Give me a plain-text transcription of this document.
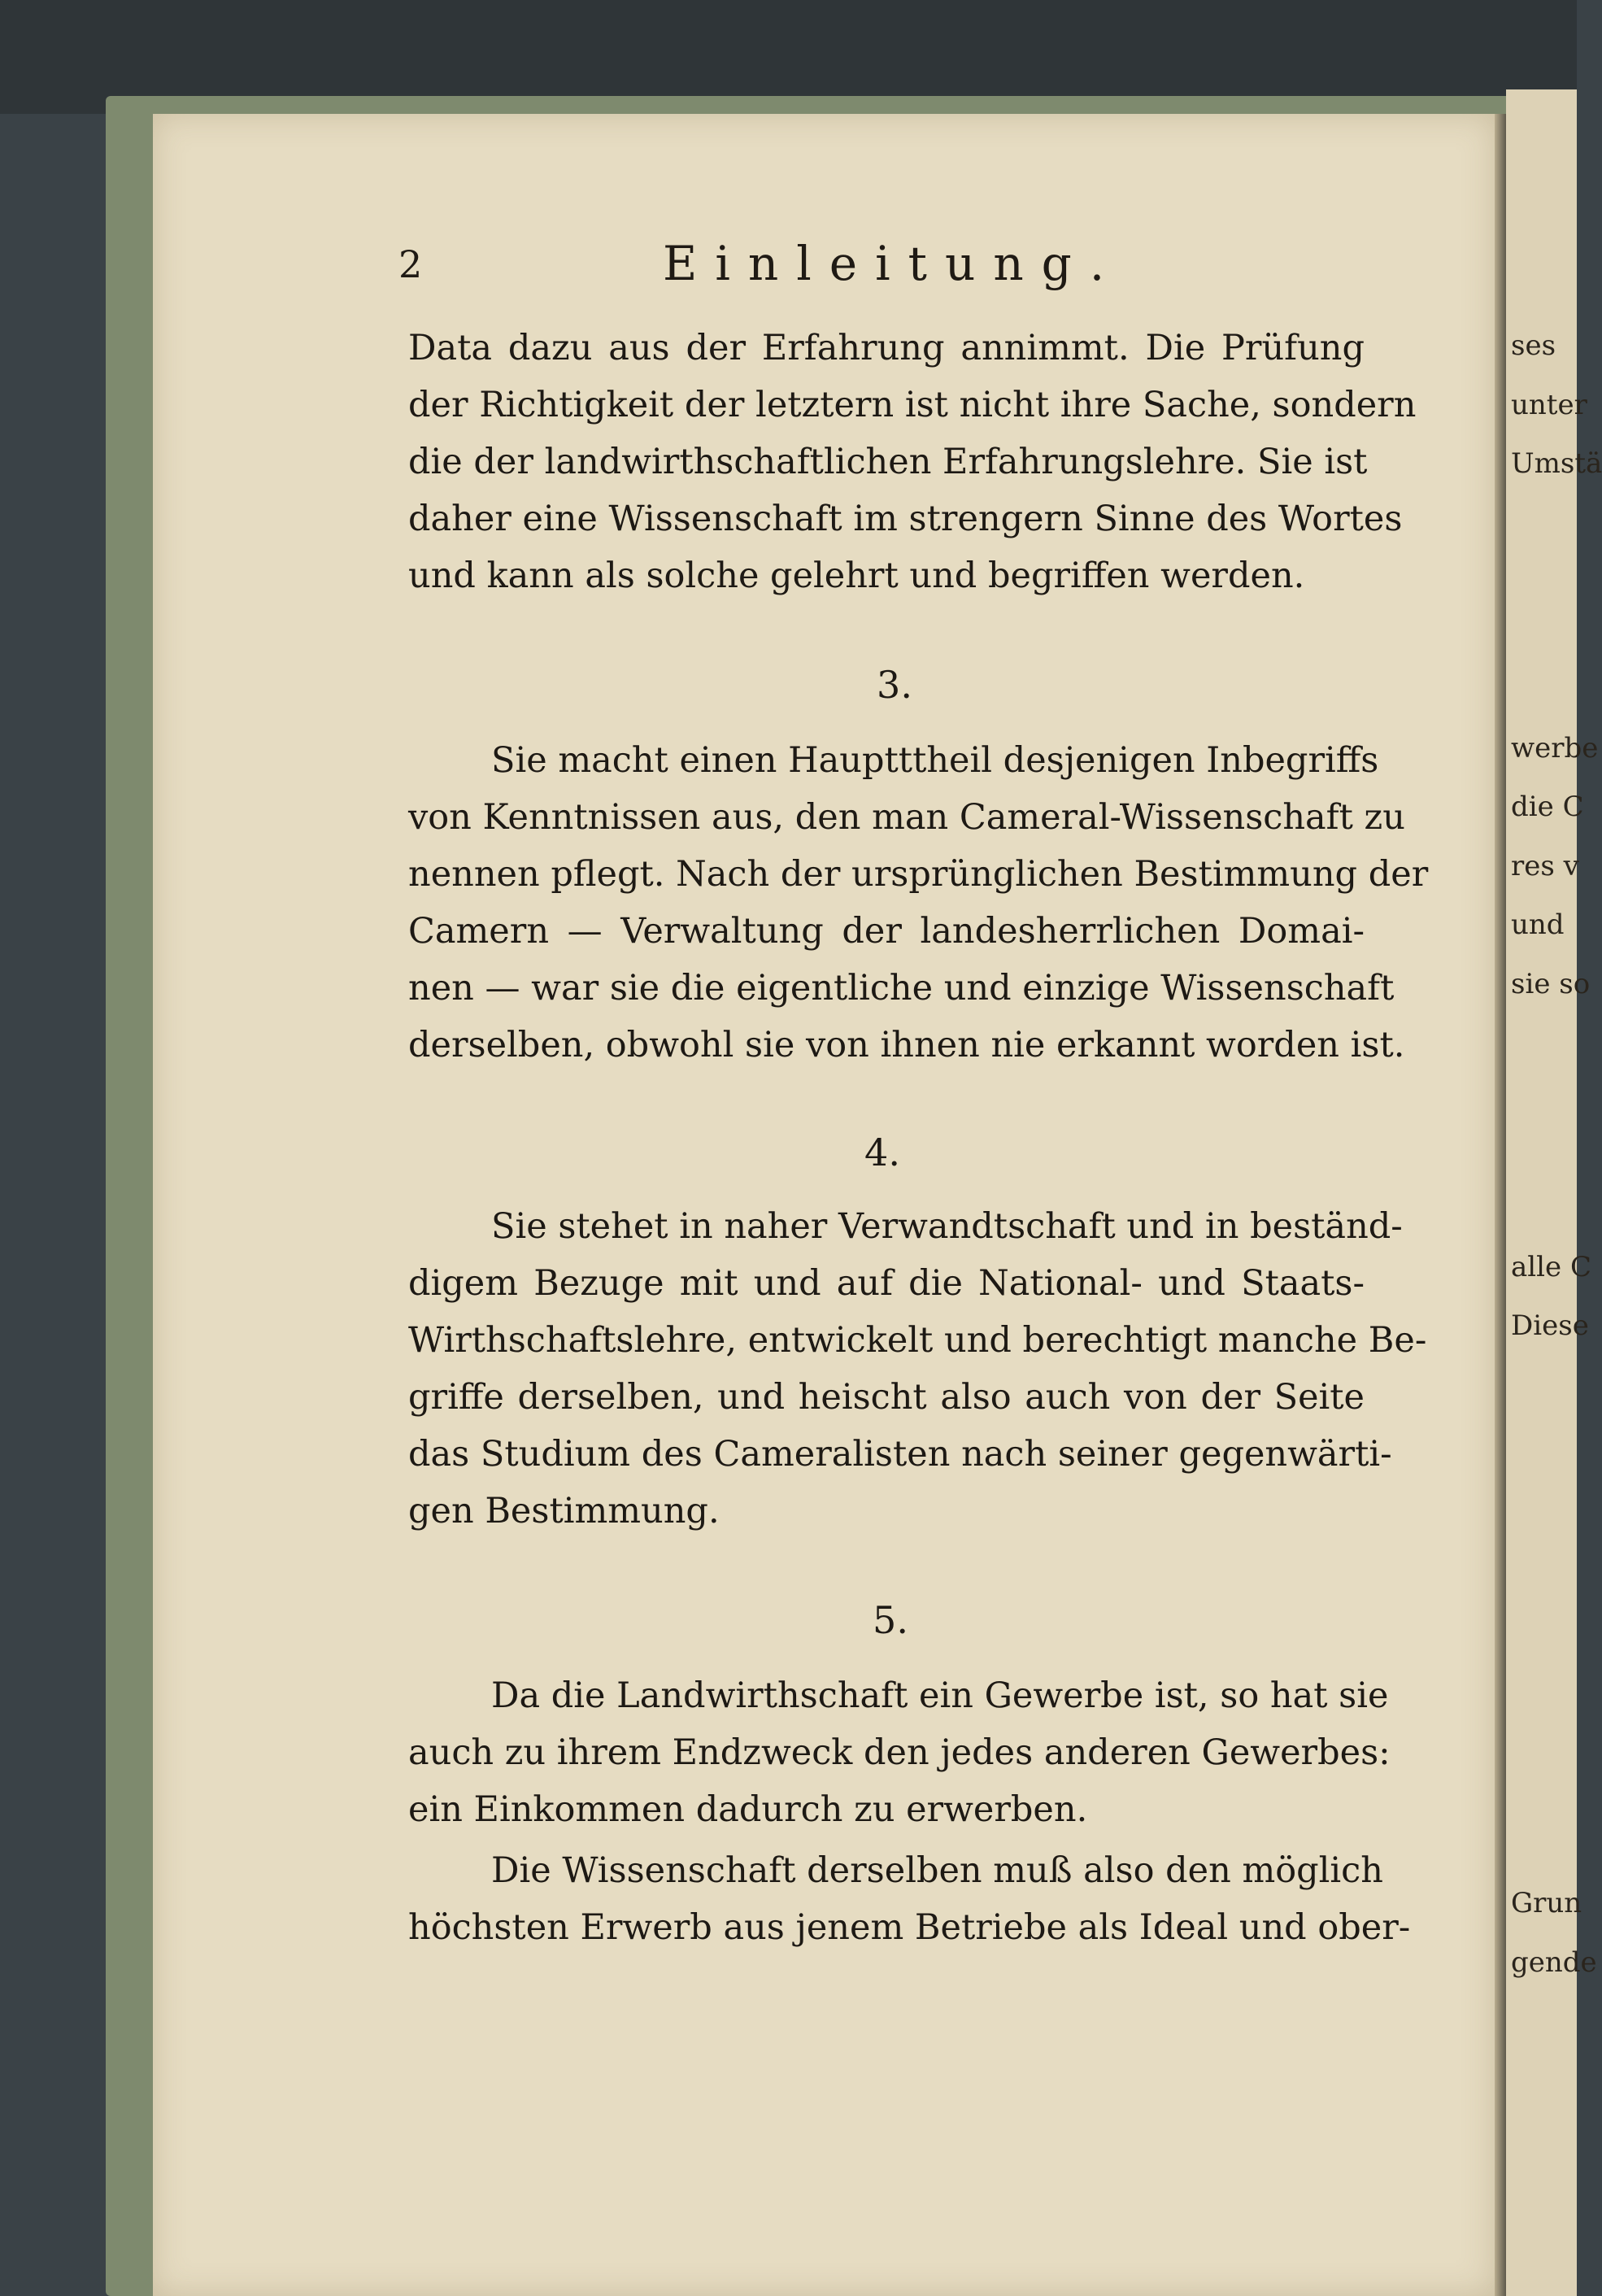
ses
unter
Umstä
werbe
die C
res v
und
sie so
alle C
Diese
Grun
gende
2	Einleitung.
Data dazu aus der Erfahrung annimmt. Die Prüfung
der Richtigkeit der letztern ist nicht ihre Sache, sondern
die der landwirthschaftlichen Erfahrungslehre. Sie ist
daher eine Wissenschaft im strengern Sinne des Wortes
und kann als solche gelehrt und begriffen werden.
3.
Sie macht einen Hauptttheil desjenigen Inbegriffs
von Kenntnissen aus, den man Cameral-Wissenschaft zu
nennen pflegt. Nach der ursprünglichen Bestimmung der
Camern — Verwaltung der landesherrlichen Domai-
nen — war sie die eigentliche und einzige Wissenschaft
derselben, obwohl sie von ihnen nie erkannt worden ist.
4.
Sie stehet in naher Verwandtschaft und in beständ-
digem Bezuge mit und auf die National- und Staats-
Wirthschaftslehre, entwickelt und berechtigt manche Be-
griffe derselben, und heischt also auch von der Seite
das Studium des Cameralisten nach seiner gegenwärti-
gen Bestimmung.
5.
Da die Landwirthschaft ein Gewerbe ist, so hat sie
auch zu ihrem Endzweck den jedes anderen Gewerbes:
ein Einkommen dadurch zu erwerben.
Die Wissenschaft derselben muß also den möglich
höchsten Erwerb aus jenem Betriebe als Ideal und ober-
